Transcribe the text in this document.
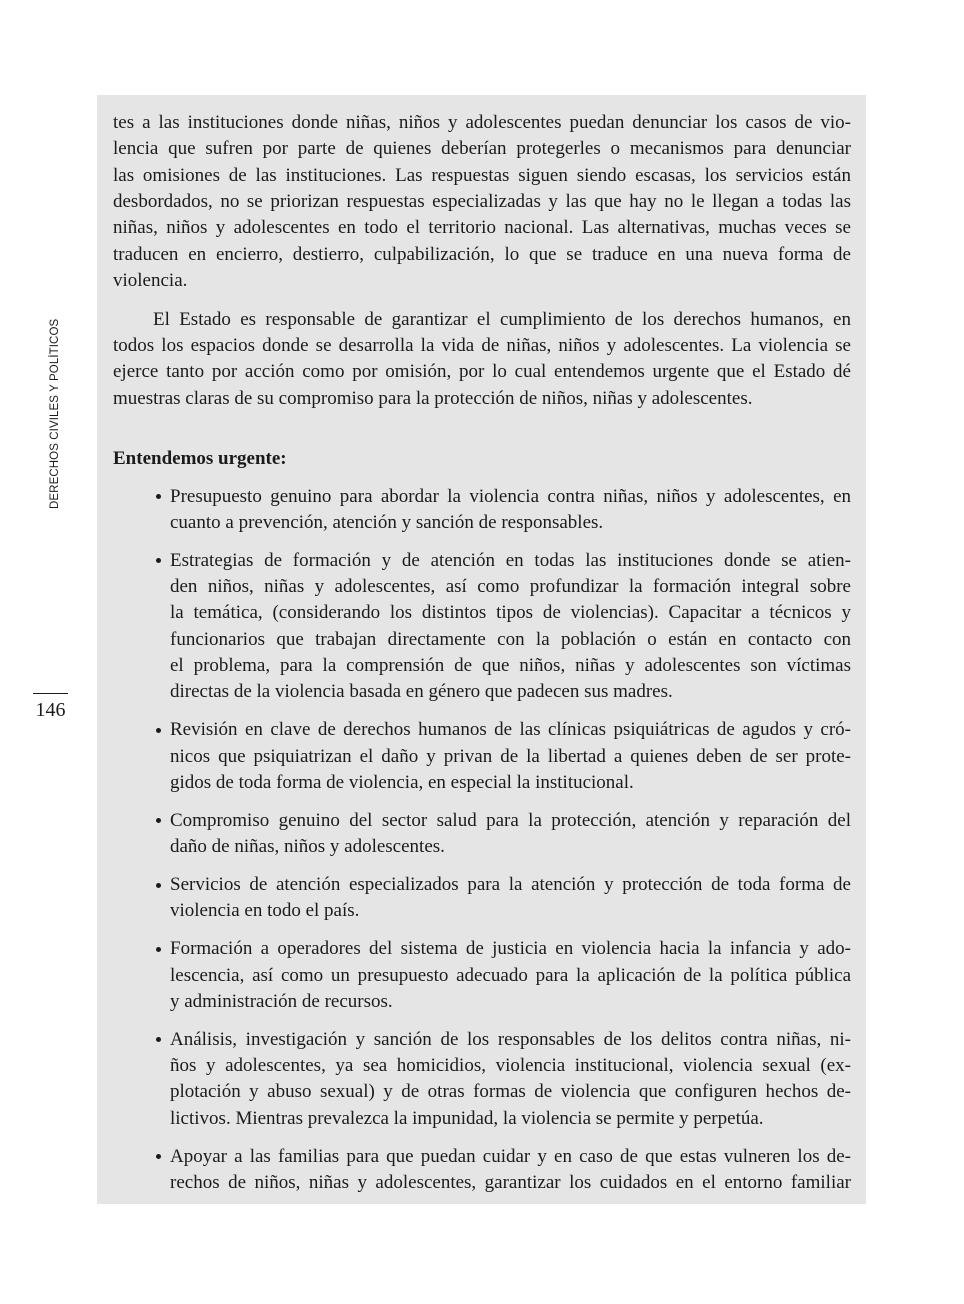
DERECHOS CIVILES Y POLÍTICOS
146
tes a las instituciones donde niñas, niños y adolescentes puedan denunciar los casos de vio-
lencia que sufren por parte de quienes deberían protegerles o mecanismos para denunciar
las omisiones de las instituciones. Las respuestas siguen siendo escasas, los servicios están
desbordados, no se priorizan respuestas especializadas y las que hay no le llegan a todas las
niñas, niños y adolescentes en todo el territorio nacional. Las alternativas, muchas veces se
traducen en encierro, destierro, culpabilización, lo que se traduce en una nueva forma de
violencia.
El Estado es responsable de garantizar el cumplimiento de los derechos humanos, en
todos los espacios donde se desarrolla la vida de niñas, niños y adolescentes. La violencia se
ejerce tanto por acción como por omisión, por lo cual entendemos urgente que el Estado dé
muestras claras de su compromiso para la protección de niños, niñas y adolescentes.
Entendemos urgente:
Presupuesto genuino para abordar la violencia contra niñas, niños y adolescentes, en
cuanto a prevención, atención y sanción de responsables.
Estrategias de formación y de atención en todas las instituciones donde se atien-
den niños, niñas y adolescentes, así como profundizar la formación integral sobre
la temática, (considerando los distintos tipos de violencias). Capacitar a técnicos y
funcionarios que trabajan directamente con la población o están en contacto con
el problema, para la comprensión de que niños, niñas y adolescentes son víctimas
directas de la violencia basada en género que padecen sus madres.
Revisión en clave de derechos humanos de las clínicas psiquiátricas de agudos y cró-
nicos que psiquiatrizan el daño y privan de la libertad a quienes deben de ser prote-
gidos de toda forma de violencia, en especial la institucional.
Compromiso genuino del sector salud para la protección, atención y reparación del
daño de niñas, niños y adolescentes.
Servicios de atención especializados para la atención y protección de toda forma de
violencia en todo el país.
Formación a operadores del sistema de justicia en violencia hacia la infancia y ado-
lescencia, así como un presupuesto adecuado para la aplicación de la política pública
y administración de recursos.
Análisis, investigación y sanción de los responsables de los delitos contra niñas, ni-
ños y adolescentes, ya sea homicidios, violencia institucional, violencia sexual (ex-
plotación y abuso sexual) y de otras formas de violencia que configuren hechos de-
lictivos. Mientras prevalezca la impunidad, la violencia se permite y perpetúa.
Apoyar a las familias para que puedan cuidar y en caso de que estas vulneren los de-
rechos de niños, niñas y adolescentes, garantizar los cuidados en el entorno familiar
